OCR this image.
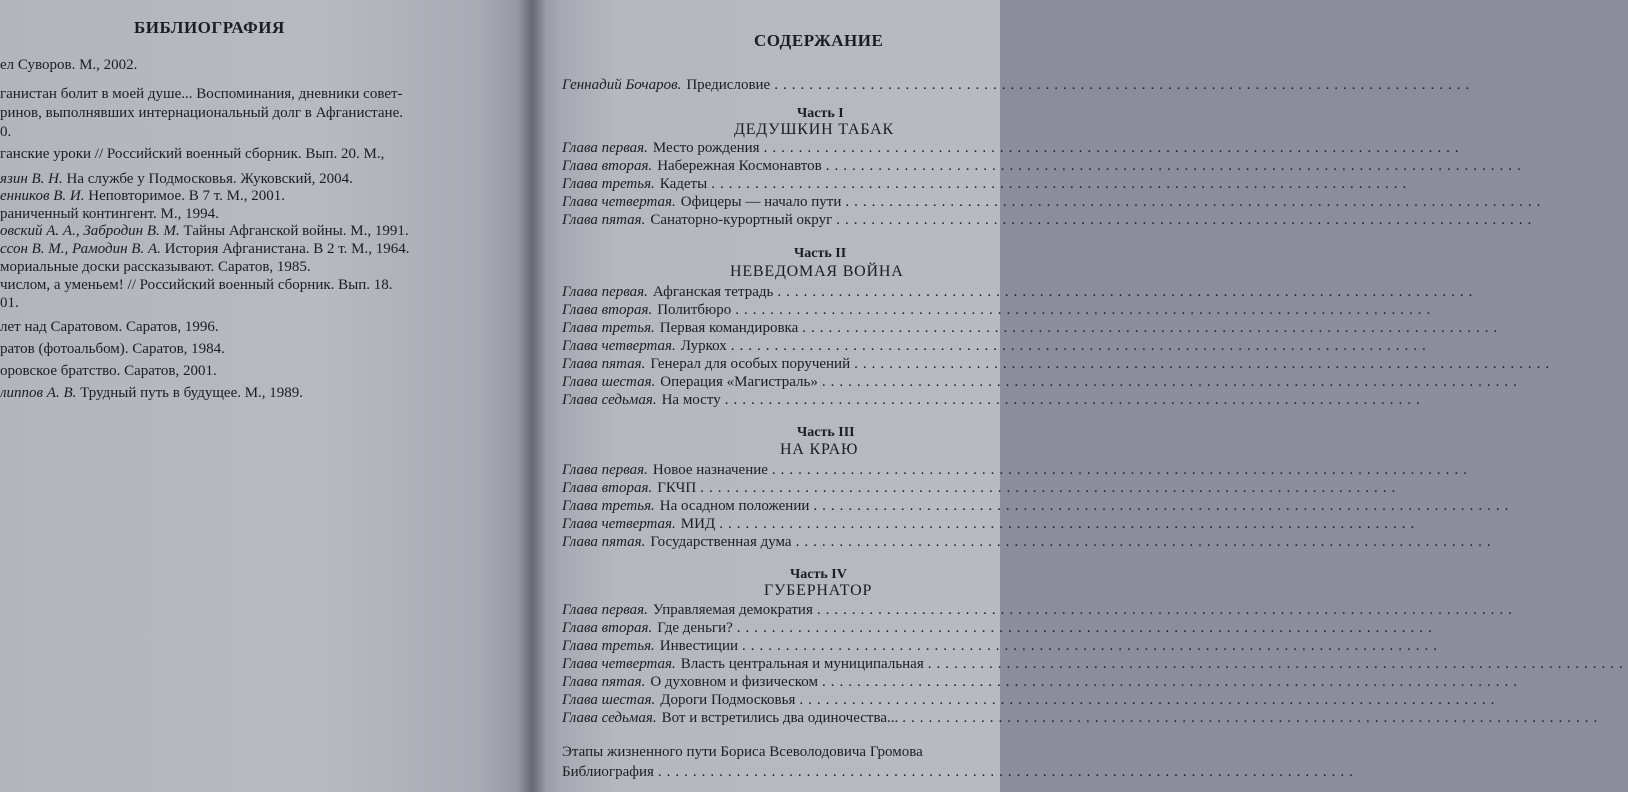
БИБЛИОГРАФИЯ
ел Суворов. М., 2002.
ганистан болит в моей душе... Воспоминания, дневники совет-
ринов, выполнявших интернациональный долг в Афганистане.
0.
ганские уроки // Российский военный сборник. Вып. 20. М.,
язин В. Н. На службе у Подмосковья. Жуковский, 2004.
енников В. И. Неповторимое. В 7 т. М., 2001.
раниченный контингент. М., 1994.
овский А. А., Забродин В. М. Тайны Афганской войны. М., 1991.
ссон В. М., Рамодин В. А. История Афганистана. В 2 т. М., 1964.
мориальные доски рассказывают. Саратов, 1985.
числом, а уменьем! // Российский военный сборник. Вып. 18.
01.
лет над Саратовом. Саратов, 1996.
ратов (фотоальбом). Саратов, 1984.
оровское братство. Саратов, 2001.
липпов А. В. Трудный путь в будущее. М., 1989.
СОДЕРЖАНИЕ
Геннадий Бочаров. Предисловие ................................................................................
Часть I
ДЕДУШКИН ТАБАК
Глава первая. Место рождения ................................................................................
Глава вторая. Набережная Космонавтов ................................................................................
Глава третья. Кадеты ................................................................................
Глава четвертая. Офицеры — начало пути ................................................................................
Глава пятая. Санаторно-курортный округ ................................................................................
Часть II
НЕВЕДОМАЯ ВОЙНА
Глава первая. Афганская тетрадь ................................................................................
Глава вторая. Политбюро ................................................................................
Глава третья. Первая командировка ................................................................................
Глава четвертая. Луркох ................................................................................
Глава пятая. Генерал для особых поручений ................................................................................
Глава шестая. Операция «Магистраль» ................................................................................
Глава седьмая. На мосту ................................................................................
Часть III
НА КРАЮ
Глава первая. Новое назначение ................................................................................
Глава вторая. ГКЧП ................................................................................
Глава третья. На осадном положении ................................................................................
Глава четвертая. МИД ................................................................................
Глава пятая. Государственная дума ................................................................................
Часть IV
ГУБЕРНАТОР
Глава первая. Управляемая демократия ................................................................................
Глава вторая. Где деньги? ................................................................................
Глава третья. Инвестиции ................................................................................
Глава четвертая. Власть центральная и муниципальная ................................................................................
Глава пятая. О духовном и физическом ................................................................................
Глава шестая. Дороги Подмосковья ................................................................................
Глава седьмая. Вот и встретились два одиночества... ................................................................................
Этапы жизненного пути Бориса Всеволодовича Громова
Библиография ................................................................................
